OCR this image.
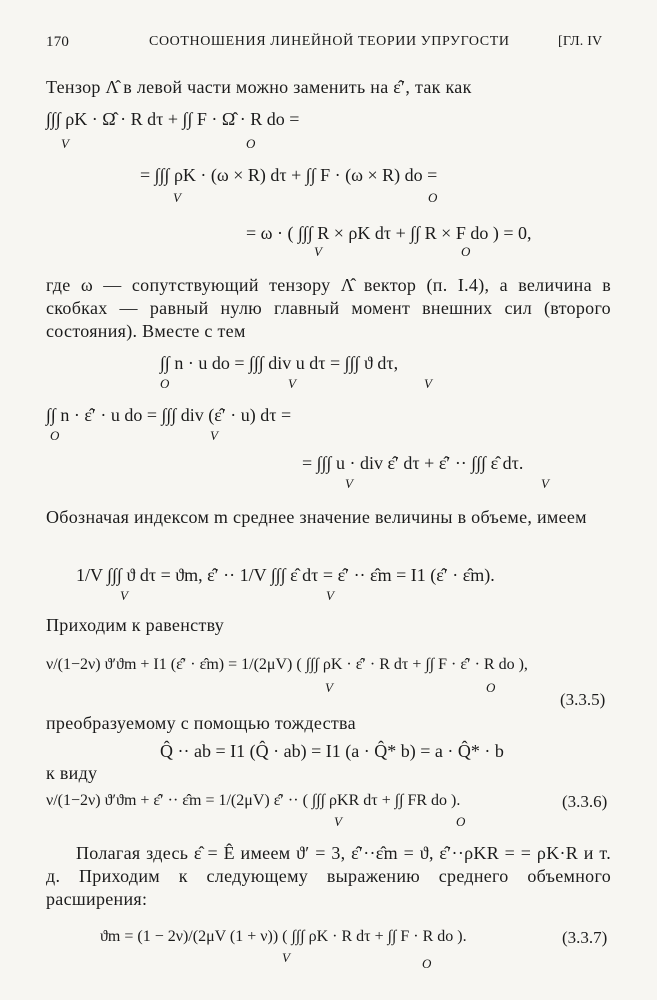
170	СООТНОШЕНИЯ ЛИНЕЙНОЙ ТЕОРИИ УПРУГОСТИ	[ГЛ. IV
Тензор Λ̂ в левой части можно заменить на ε̂′, так как
∫∫∫ ρK · Ω̂ · R dτ + ∫∫ F · Ω̂ · R do =
V	O
= ∫∫∫ ρK · (ω × R) dτ + ∫∫ F · (ω × R) do =
V	O
= ω · ( ∫∫∫ R × ρK dτ + ∫∫ R × F do ) = 0,
V	O
где ω — сопутствующий тензору Λ̂ вектор (п. I.4), а величина в скобках — равный нулю главный момент внешних сил (второго состояния). Вместе с тем
∫∫ n · u do = ∫∫∫ div u dτ = ∫∫∫ ϑ dτ,
O	V	V
∫∫ n · ε̂′ · u do = ∫∫∫ div (ε̂′ · u) dτ =
O	V
= ∫∫∫ u · div ε̂′ dτ + ε̂′ ·· ∫∫∫ ε̂ dτ.
V	V
Обозначая индексом m среднее значение величины в объеме, имеем
1/V ∫∫∫ ϑ dτ = ϑm, ε̂′ ·· 1/V ∫∫∫ ε̂ dτ = ε̂′ ·· ε̂m = I1 (ε̂′ · ε̂m).
V	V
Приходим к равенству
ν/(1−2ν) ϑ′ϑm + I1 (ε̂′ · ε̂m) = 1/(2μV) ( ∫∫∫ ρK · ε̂′ · R dτ + ∫∫ F · ε̂′ · R do ),
V	O
(3.3.5)
преобразуемому с помощью тождества
Q̂ ·· ab = I1 (Q̂ · ab) = I1 (a · Q̂* b) = a · Q̂* · b
к виду
ν/(1−2ν) ϑ′ϑm + ε̂′ ·· ε̂m = 1/(2μV) ε̂′ ·· ( ∫∫∫ ρKR dτ + ∫∫ FR do ).
V	O
(3.3.6)
Полагая здесь ε̂ = Ê имеем ϑ′ = 3, ε̂′··ε̂m = ϑ, ε̂′··ρKR = = ρK·R и т. д. Приходим к следующему выражению среднего объемного расширения:
ϑm = (1 − 2ν)/(2μV (1 + ν)) ( ∫∫∫ ρK · R dτ + ∫∫ F · R do ).
V	O
(3.3.7)
